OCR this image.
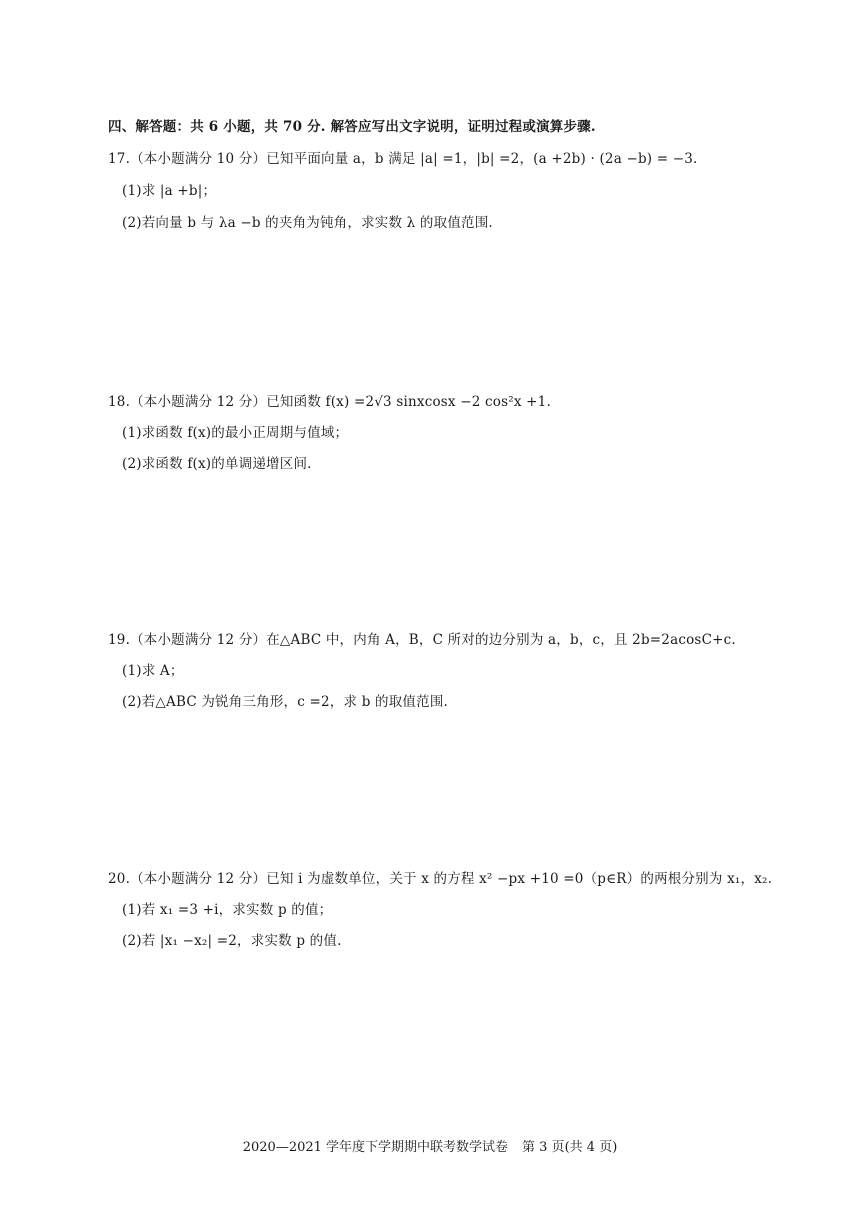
四、解答题：共 6 小题，共 70 分. 解答应写出文字说明，证明过程或演算步骤.
17.（本小题满分 10 分）已知平面向量 a，b 满足 |a| =1，|b| =2，(a +2b) · (2a −b) = −3.
(1)求 |a +b|；
(2)若向量 b 与 λa −b 的夹角为钝角，求实数 λ 的取值范围.
18.（本小题满分 12 分）已知函数 f(x) =2√3 sinxcosx −2 cos²x +1.
(1)求函数 f(x)的最小正周期与值域；
(2)求函数 f(x)的单调递增区间.
19.（本小题满分 12 分）在△ABC 中，内角 A，B，C 所对的边分别为 a，b，c，且 2b=2acosC+c.
(1)求 A；
(2)若△ABC 为锐角三角形，c =2，求 b 的取值范围.
20.（本小题满分 12 分）已知 i 为虚数单位，关于 x 的方程 x² −px +10 =0（p∈R）的两根分别为 x₁，x₂.
(1)若 x₁ =3 +i，求实数 p 的值；
(2)若 |x₁ −x₂| =2，求实数 p 的值.
2020—2021 学年度下学期期中联考数学试卷 第 3 页(共 4 页)
